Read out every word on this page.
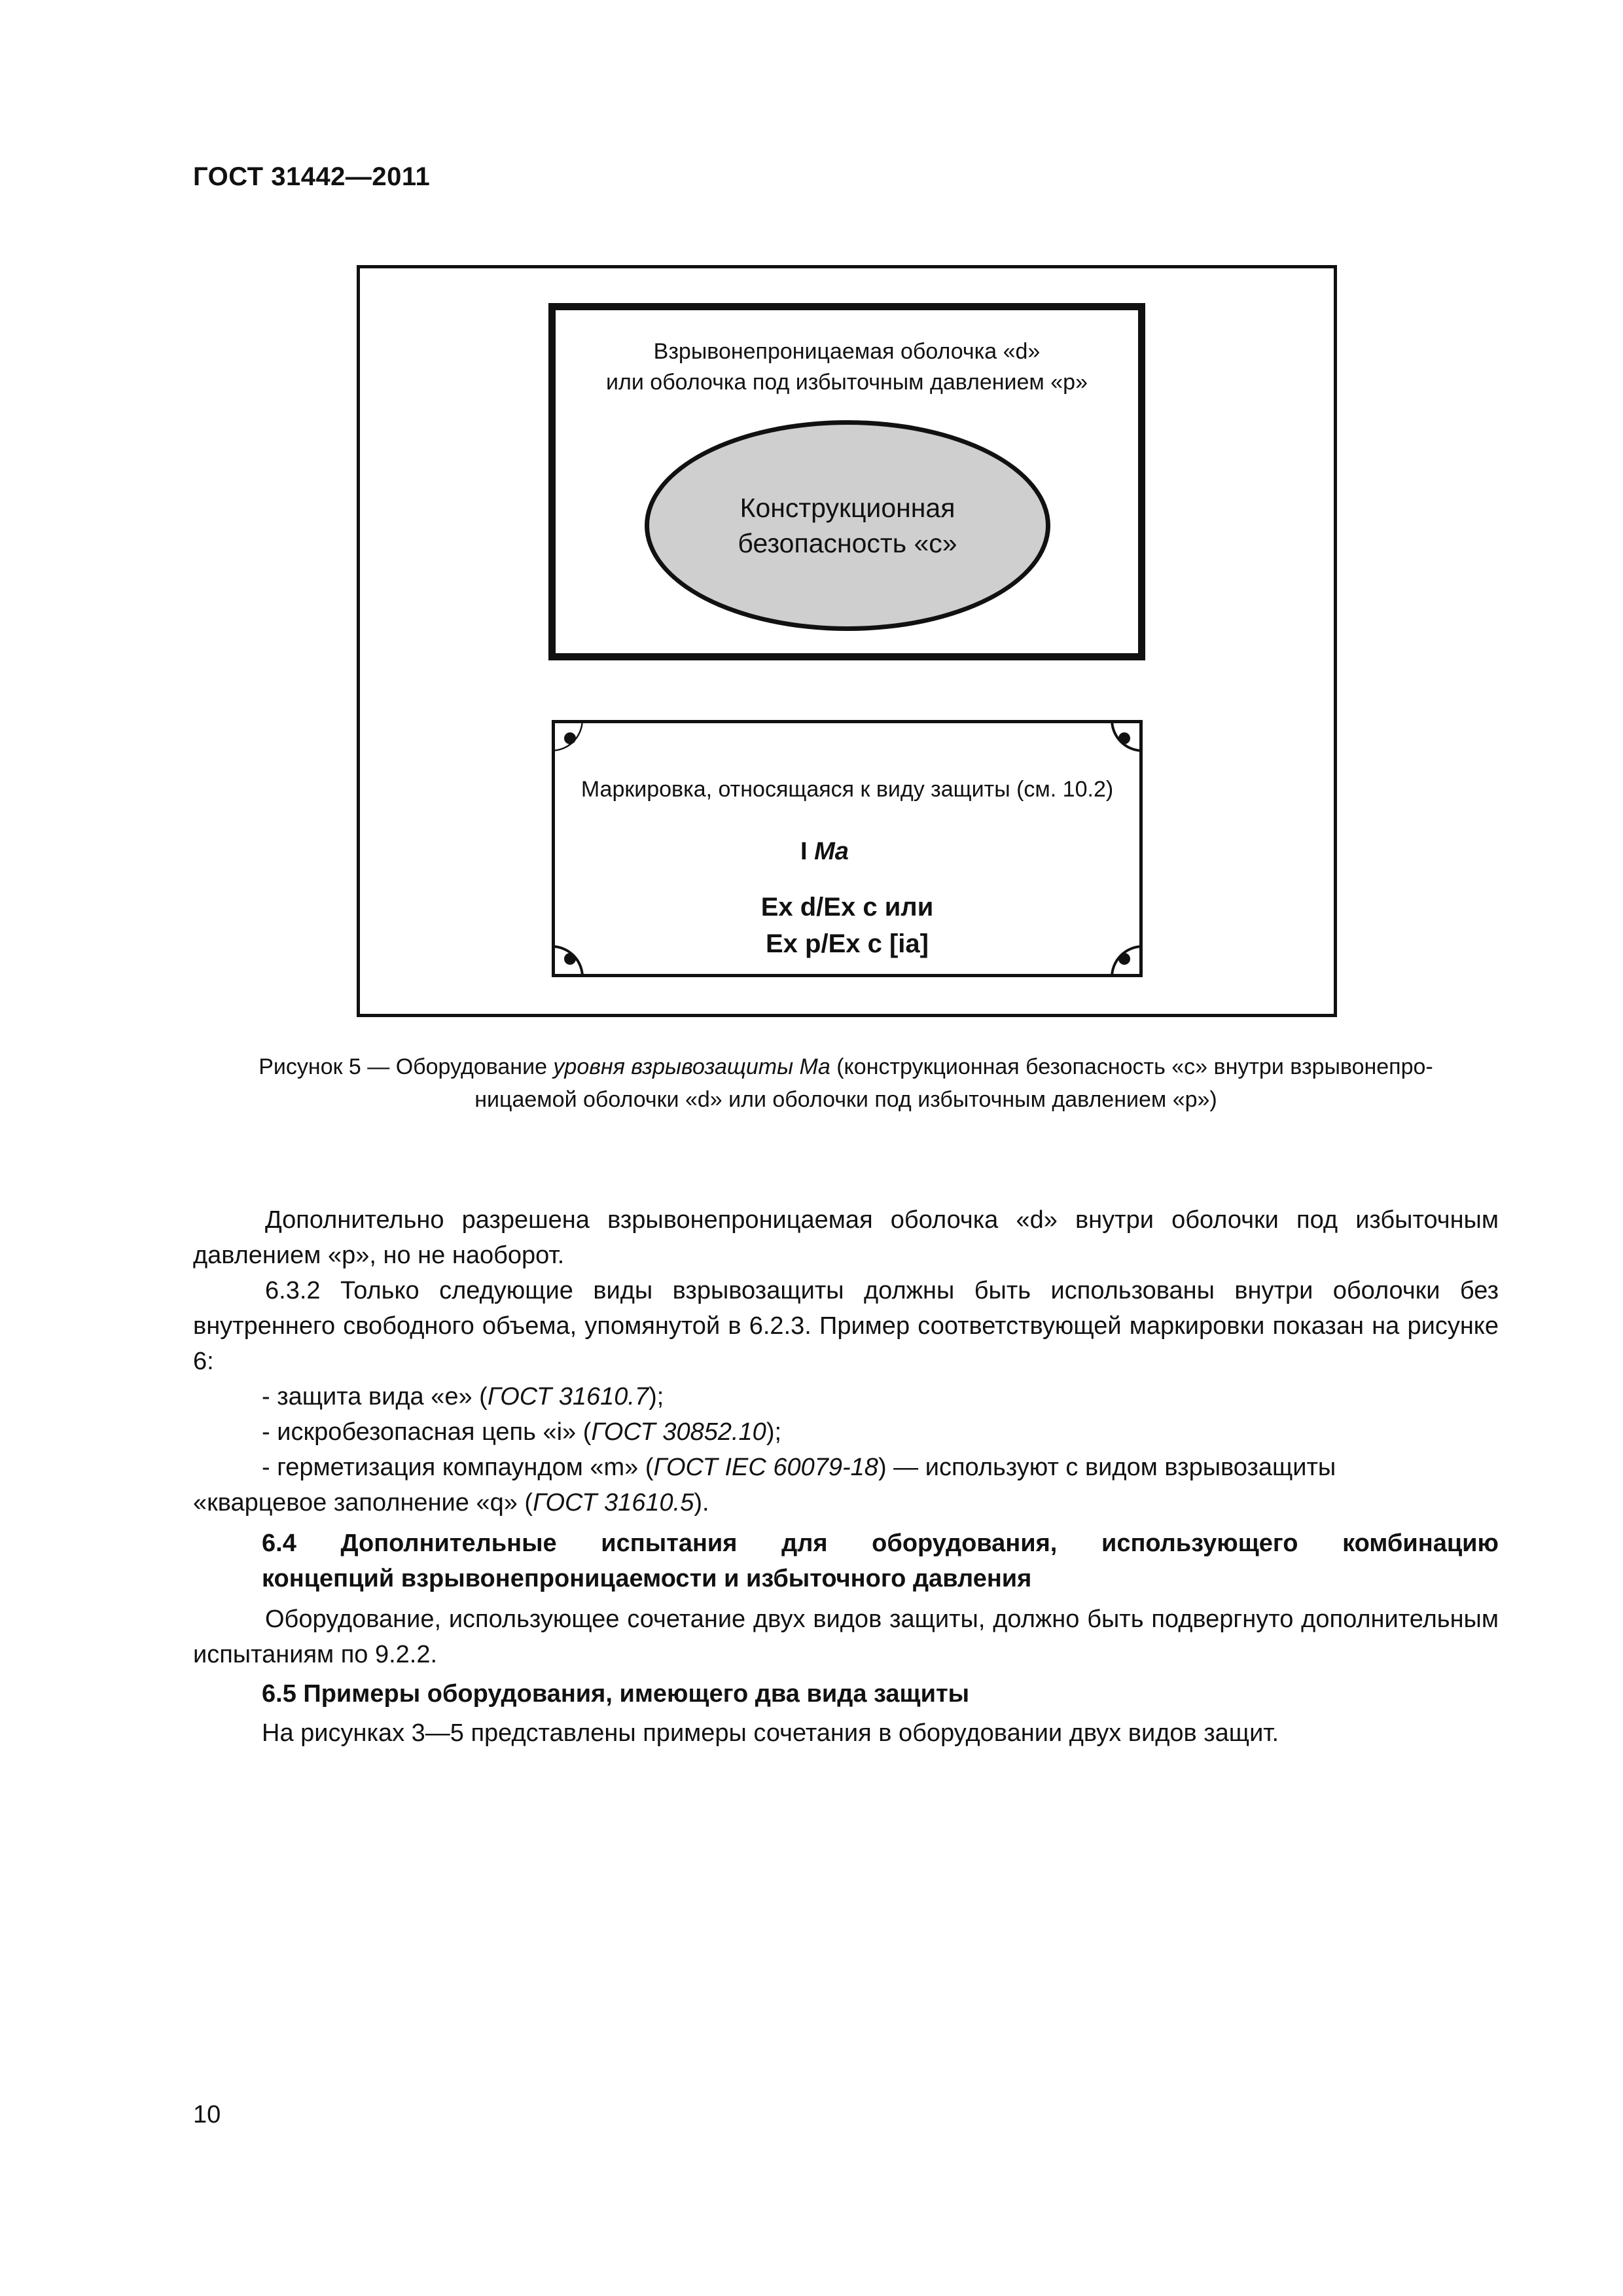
ГОСТ 31442—2011
Взрывонепроницаемая оболочка «d»
или оболочка под избыточным давлением «р»
Конструкционная
безопасность «с»
Маркировка, относящаяся к виду защиты (см. 10.2)
I Ma
Ex d/Ex c или
Ex p/Ex c [ia]
Рисунок 5 — Оборудование уровня взрывозащиты Ma (конструкционная безопасность «с» внутри взрывонепро-
ницаемой оболочки «d» или оболочки под избыточным давлением «р»)
Дополнительно разрешена взрывонепроницаемая оболочка «d» внутри оболочки под избыточным давлением «р», но не наоборот.
6.3.2 Только следующие виды взрывозащиты должны быть использованы внутри оболочки без внутреннего свободного объема, упомянутой в 6.2.3. Пример соответствующей маркировки показан на рисунке 6:
- защита вида «е» (ГОСТ 31610.7);
- искробезопасная цепь «i» (ГОСТ 30852.10);
- герметизация компаундом «m» (ГОСТ IEC 60079-18) — используют с видом взрывозащиты
«кварцевое заполнение «q» (ГОСТ 31610.5).
6.4 Дополнительные испытания для оборудования, использующего комбинацию
концепций взрывонепроницаемости и избыточного давления
Оборудование, использующее сочетание двух видов защиты, должно быть подвергнуто дополнительным испытаниям по 9.2.2.
6.5 Примеры оборудования, имеющего два вида защиты
На рисунках 3—5 представлены примеры сочетания в оборудовании двух видов защит.
10
